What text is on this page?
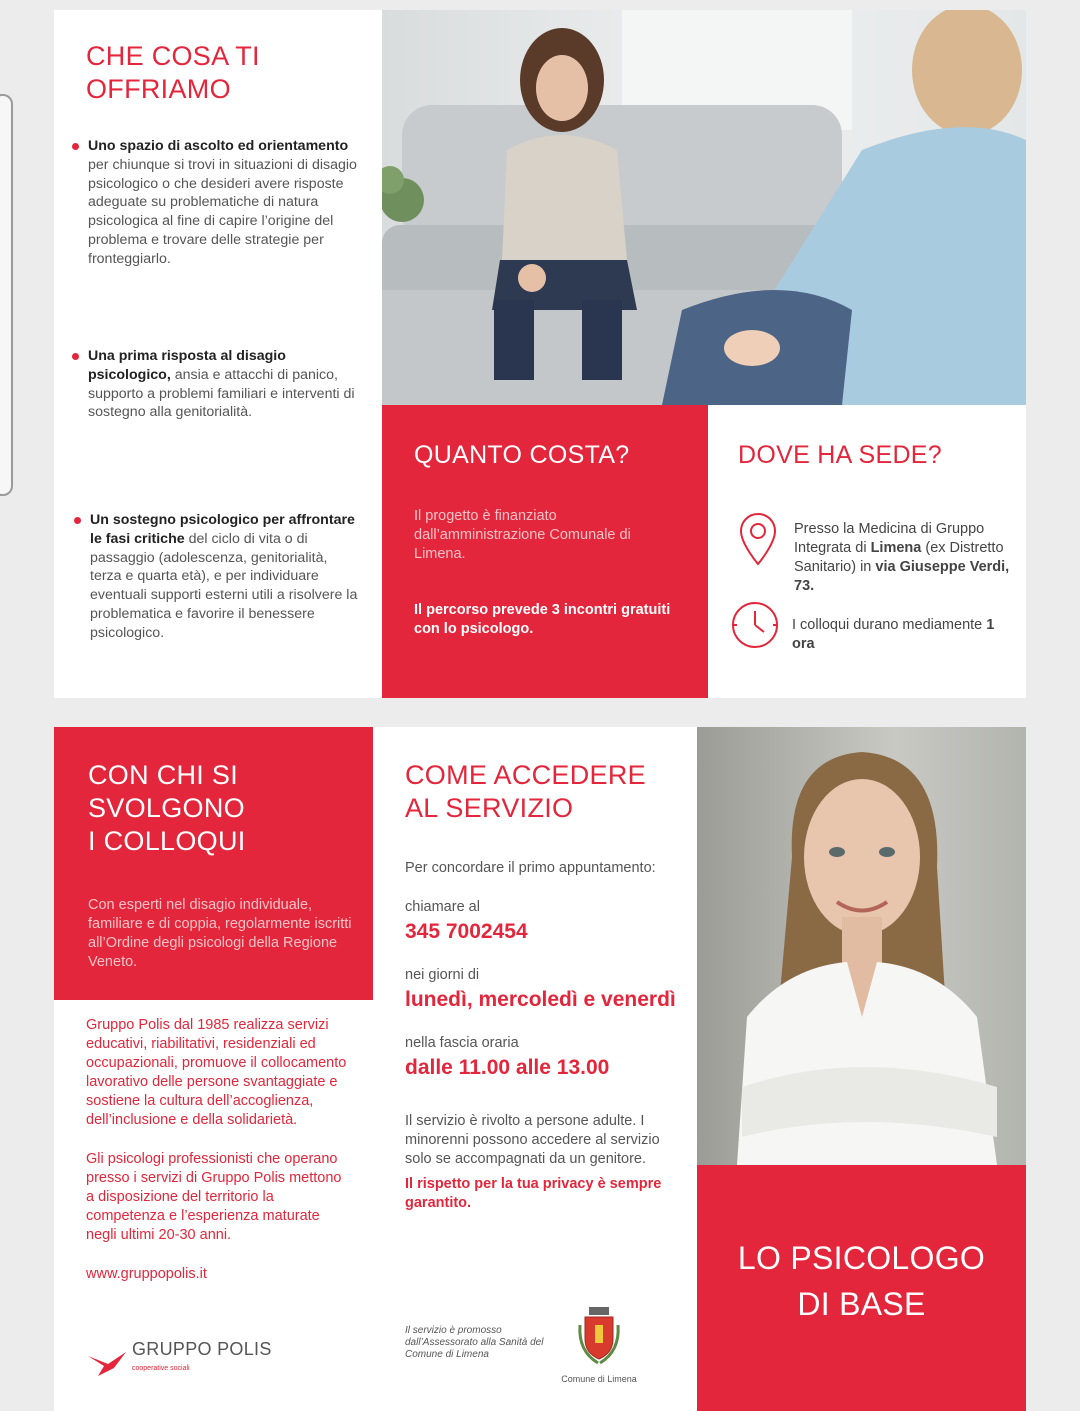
CHE COSA TI
OFFRIAMO
Uno spazio di ascolto ed orientamento per chiunque si trovi in situazioni di disagio psicologico o che desideri avere risposte adeguate su problematiche di natura psicologica al fine di capire l’origine del problema e trovare delle strategie per fronteggiarlo.
Una prima risposta al disagio psicologico, ansia e attacchi di panico, supporto a problemi familiari e interventi di sostegno alla genitorialità.
Un sostegno psicologico per affrontare le fasi critiche del ciclo di vita o di passaggio (adolescenza, genitorialità, terza e quarta età), e per individuare eventuali supporti esterni utili a risolvere la problematica e favorire il benessere psicologico.
QUANTO COSTA?

Il progetto è finanziato dall’amministrazione Comunale di Limena.

Il percorso prevede 3 incontri gratuiti con lo psicologo.

DOVE HA SEDE?
Presso la Medicina di Gruppo Integrata di Limena (ex Distretto Sanitario) in via Giuseppe Verdi, 73.
I colloqui durano mediamente 1 ora
CON CHI SI
SVOLGONO
I COLLOQUI

Con esperti nel disagio individuale, familiare e di coppia, regolarmente iscritti all’Ordine degli psicologi della Regione Veneto.

Gruppo Polis dal 1985 realizza servizi educativi, riabilitativi, residenziali ed occupazionali, promuove il collocamento lavorativo delle persone svantaggiate e sostiene la cultura dell’accoglienza, dell’inclusione e della solidarietà.

Gli psicologi professionisti che operano presso i servizi di Gruppo Polis mettono a disposizione del territorio la competenza e l’esperienza maturate negli ultimi 20-30 anni.

www.gruppopolis.it

GRUPPO POLIS
cooperative sociali
COME ACCEDERE
AL SERVIZIO

Per concordare il primo appuntamento:

chiamare al

345 7002454

nei giorni di

lunedì, mercoledì e venerdì

nella fascia oraria

dalle 11.00 alle 13.00

Il servizio è rivolto a persone adulte. I minorenni possono accedere al servizio solo se accompagnati da un genitore.

Il rispetto per la tua privacy è sempre garantito.

Il servizio è promosso dall’Assessorato alla Sanità del Comune di Limena

Comune di Limena
LO PSICOLOGO
DI BASE
